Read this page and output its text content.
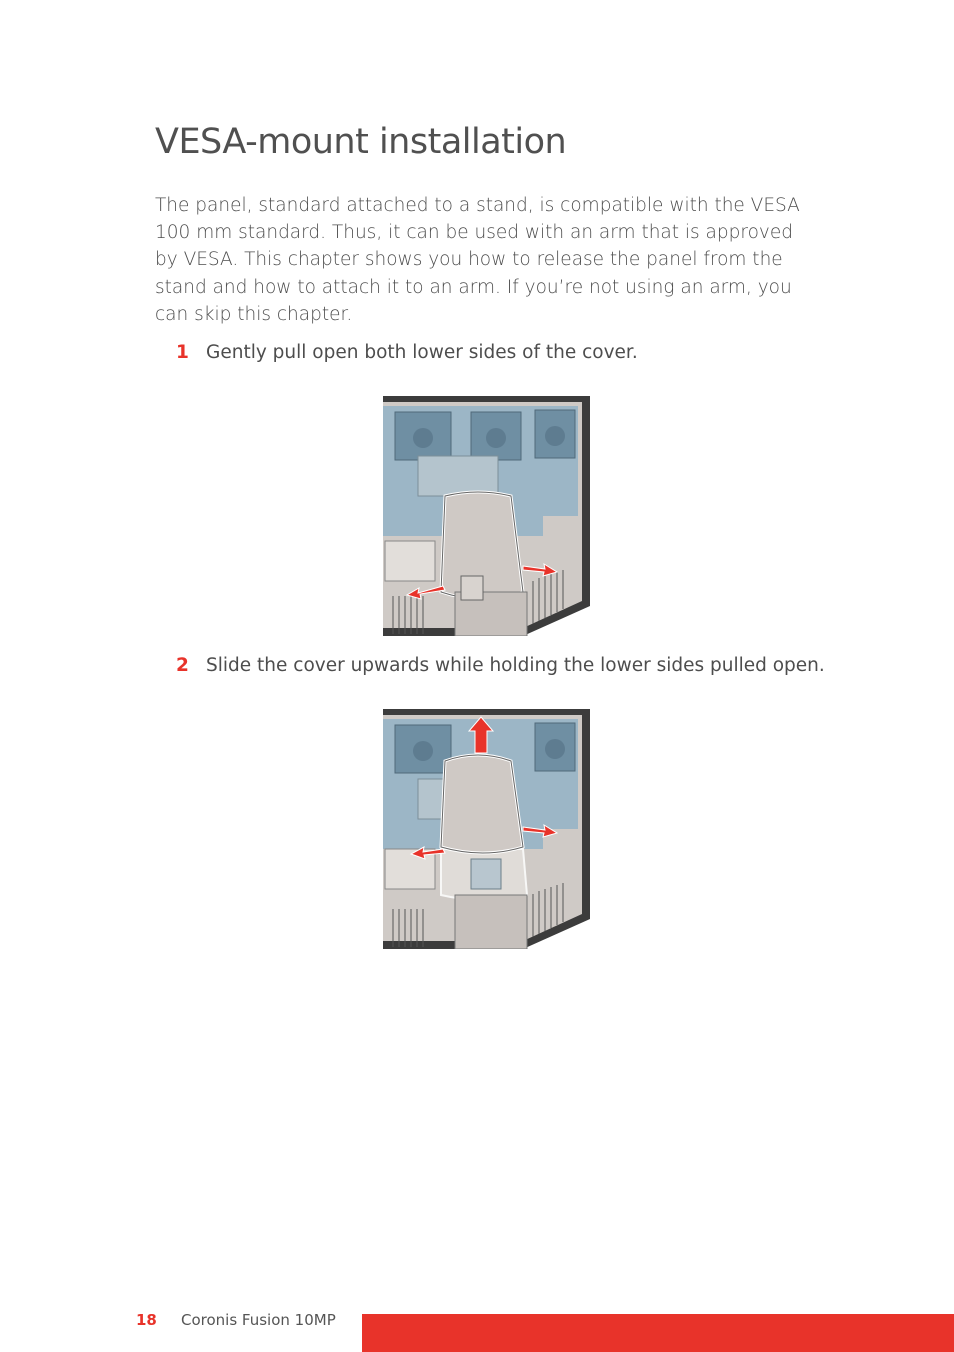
VESA-mount installation

The panel, standard attached to a stand, is compatible with the VESA 100 mm standard. Thus, it can be used with an arm that is approved by VESA. This chapter shows you how to release the panel from the stand and how to attach it to an arm. If you’re not using an arm, you can skip this chapter.

1 Gently pull open both lower sides of the cover.
2 Slide the cover upwards while holding the lower sides pulled open.
18 Coronis Fusion 10MP
